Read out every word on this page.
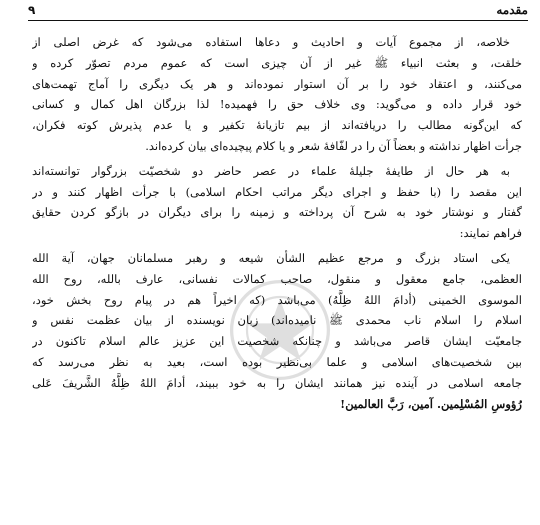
مقدمه
۹
خلاصه، از مجموع آیات و احادیث و دعاها استفاده می‌شود که غرض اصلی از
خلقت، و بعثت انبیاء ﷺ غیر از آن چیزی است که عموم مردم تصوّر کرده و
می‌کنند، و اعتقاد خود را بر آن استوار نموده‌اند و هر یک دیگری را آماج تهمت‌های
خود قرار داده و می‌گوید: وی خلاف حق را فهمیده! لذا بزرگان اهل کمال و کسانی
که این‌گونه مطالب را دریافته‌اند از بیم تازیانهٔ تکفیر و یا عدم پذیرش کوته فکران،
جرأت اظهار نداشته و بعضاً آن را در لفّافهٔ شعر و یا کلام پیچیده‌ای بیان کرده‌اند.
به هر حال از طایفهٔ جلیلهٔ علماء در عصر حاضر دو شخصیّت بزرگوار توانسته‌اند
این مقصد را (با حفظ و اجرای دیگر مراتب احکام اسلامی) با جرأت اظهار کنند و در
گفتار و نوشتار خود به شرح آن پرداخته و زمینه را برای دیگران در بازگو کردن حقایق
فراهم نمایند:
یکی استاد بزرگ و مرجع عظیم الشأن شیعه و رهبر مسلمانان جهان، آیة الله
العظمی، جامع معقول و منقول، صاحب کمالات نفسانی، عارف بالله، روح الله
الموسوی الخمینی (أدامَ اللهُ ظِلَّهُ) می‌باشد (که اخیراً هم در پیام روح بخش خود،
اسلام را اسلام ناب محمدی ﷺ نامیده‌اند) زبان نویسنده از بیان عظمت نفس و
جامعیّت ایشان قاصر می‌باشد و چنانکه شخصیت این عزیز عالم اسلام تاکنون در
بین شخصیت‌های اسلامی و علما بی‌نظیر بوده است، بعید به نظر می‌رسد که
جامعه اسلامی در آینده نیز همانند ایشان را به خود ببیند، أدامَ اللهُ ظِلَّهُ الشَّریفَ عَلی
رُؤوسِ المُسْلِمین. آمین، رَبَّ العالمین!
